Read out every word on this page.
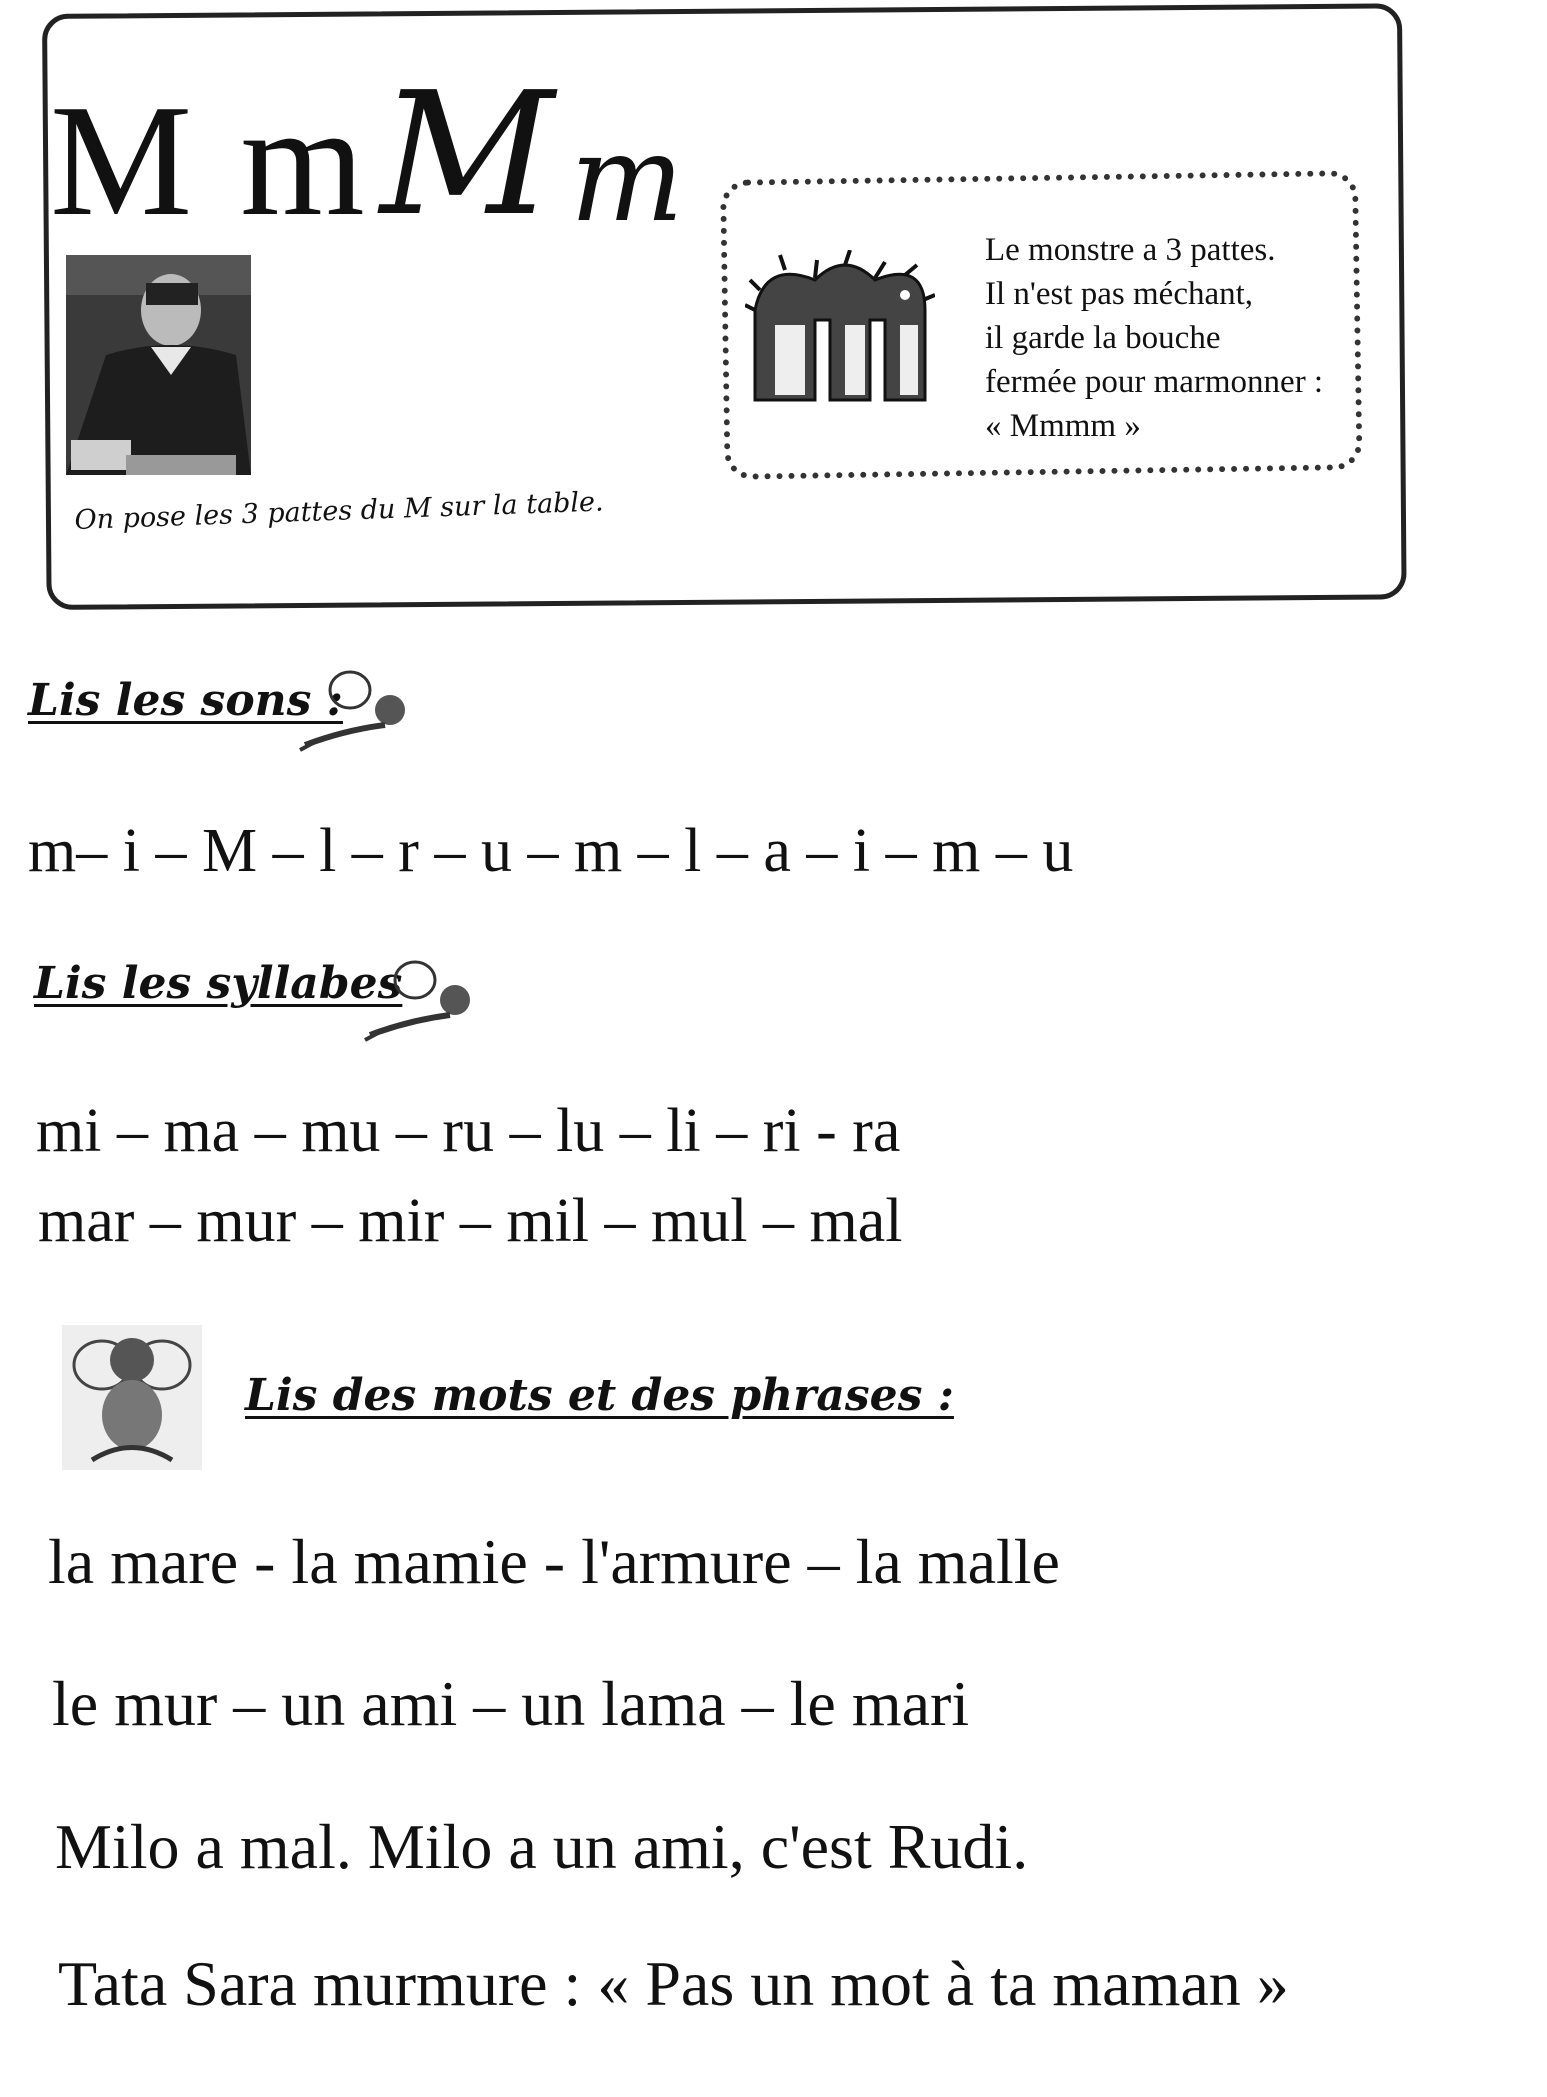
M m M m
On pose les 3 pattes du M sur la table.
Le monstre a 3 pattes.
Il n'est pas méchant,
il garde la bouche
fermée pour marmonner :
« Mmmm »
Lis les sons :
m– i – M – l – r – u – m – l – a – i – m – u
Lis les syllabes
mi – ma – mu – ru – lu – li – ri - ra
mar – mur – mir – mil – mul – mal
Lis des mots et des phrases :
la mare - la mamie - l'armure – la malle
le mur – un ami – un lama – le mari
Milo a mal. Milo a un ami, c'est Rudi.
Tata Sara murmure : « Pas un mot à ta maman »
